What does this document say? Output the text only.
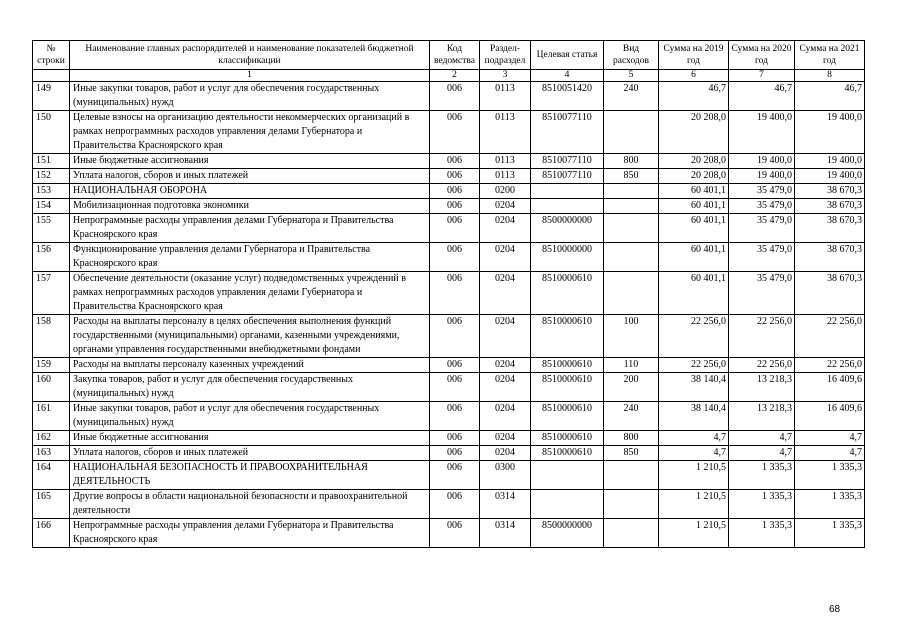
№ строки	Наименование главных распорядителей и наименование показателей бюджетной классификации	Код ведомства	Раздел-подраздел	Целевая статья	Вид расходов	Сумма на 2019 год	Сумма на 2020 год	Сумма на 2021 год
	1	2	3	4	5	6	7	8
149	Иные закупки товаров, работ и услуг для обеспечения государственных (муниципальных) нужд	006	0113	8510051420	240	46,7	46,7	46,7
150	Целевые взносы на организацию деятельности некоммерческих организаций в рамках непрограммных расходов управления делами Губернатора и Правительства Красноярского края	006	0113	8510077110		20 208,0	19 400,0	19 400,0
151	Иные бюджетные ассигнования	006	0113	8510077110	800	20 208,0	19 400,0	19 400,0
152	Уплата налогов, сборов и иных платежей	006	0113	8510077110	850	20 208,0	19 400,0	19 400,0
153	НАЦИОНАЛЬНАЯ ОБОРОНА	006	0200			60 401,1	35 479,0	38 670,3
154	Мобилизационная подготовка экономики	006	0204			60 401,1	35 479,0	38 670,3
155	Непрограммные расходы управления делами Губернатора и Правительства Красноярского края	006	0204	8500000000		60 401,1	35 479,0	38 670,3
156	Функционирование управления делами Губернатора и Правительства Красноярского края	006	0204	8510000000		60 401,1	35 479,0	38 670,3
157	Обеспечение деятельности (оказание услуг) подведомственных учреждений в рамках непрограммных расходов управления делами Губернатора и Правительства Красноярского края	006	0204	8510000610		60 401,1	35 479,0	38 670,3
158	Расходы на выплаты персоналу в целях обеспечения выполнения функций государственными (муниципальными) органами, казенными учреждениями, органами управления государственными внебюджетными фондами	006	0204	8510000610	100	22 256,0	22 256,0	22 256,0
159	Расходы на выплаты персоналу казенных учреждений	006	0204	8510000610	110	22 256,0	22 256,0	22 256,0
160	Закупка товаров, работ и услуг для обеспечения государственных (муниципальных) нужд	006	0204	8510000610	200	38 140,4	13 218,3	16 409,6
161	Иные закупки товаров, работ и услуг для обеспечения государственных (муниципальных) нужд	006	0204	8510000610	240	38 140,4	13 218,3	16 409,6
162	Иные бюджетные ассигнования	006	0204	8510000610	800	4,7	4,7	4,7
163	Уплата налогов, сборов и иных платежей	006	0204	8510000610	850	4,7	4,7	4,7
164	НАЦИОНАЛЬНАЯ БЕЗОПАСНОСТЬ И ПРАВООХРАНИТЕЛЬНАЯ ДЕЯТЕЛЬНОСТЬ	006	0300			1 210,5	1 335,3	1 335,3
165	Другие вопросы в области национальной безопасности и правоохранительной деятельности	006	0314			1 210,5	1 335,3	1 335,3
166	Непрограммные расходы управления делами Губернатора и Правительства Красноярского края	006	0314	8500000000		1 210,5	1 335,3	1 335,3
68
